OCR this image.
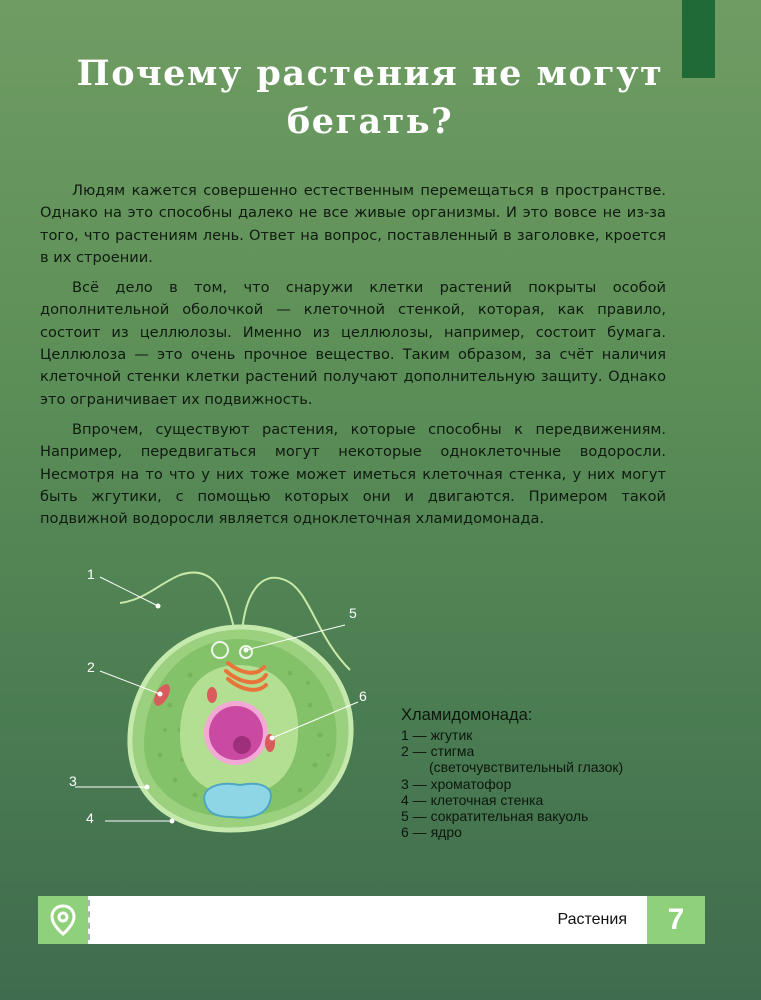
Почему растения не могут бегать?

Людям кажется совершенно естественным перемещаться в пространстве. Однако на это способны далеко не все живые организмы. И это вовсе не из-за того, что растениям лень. Ответ на вопрос, поставленный в заголовке, кроется в их строении.

Всё дело в том, что снаружи клетки растений покрыты особой дополнительной оболочкой — клеточной стенкой, которая, как правило, состоит из целлюлозы. Именно из целлюлозы, например, состоит бумага. Целлюлоза — это очень прочное вещество. Таким образом, за счёт наличия клеточной стенки клетки растений получают дополнительную защиту. Однако это ограничивает их подвижность.

Впрочем, существуют растения, которые способны к передвижениям. Например, передвигаться могут некоторые одноклеточные водоросли. Несмотря на то что у них тоже может иметься клеточная стенка, у них могут быть жгутики, с помощью которых они и двигаются. Примером такой подвижной водоросли является одноклеточная хламидомонада.

1
2
3
4
5
6
Хламидомонада:
1 — жгутик
2 — стигма
(светочувствительный глазок)
3 — хроматофор
4 — клеточная стенка
5 — сократительная вакуоль
6 — ядро
Растения	7
